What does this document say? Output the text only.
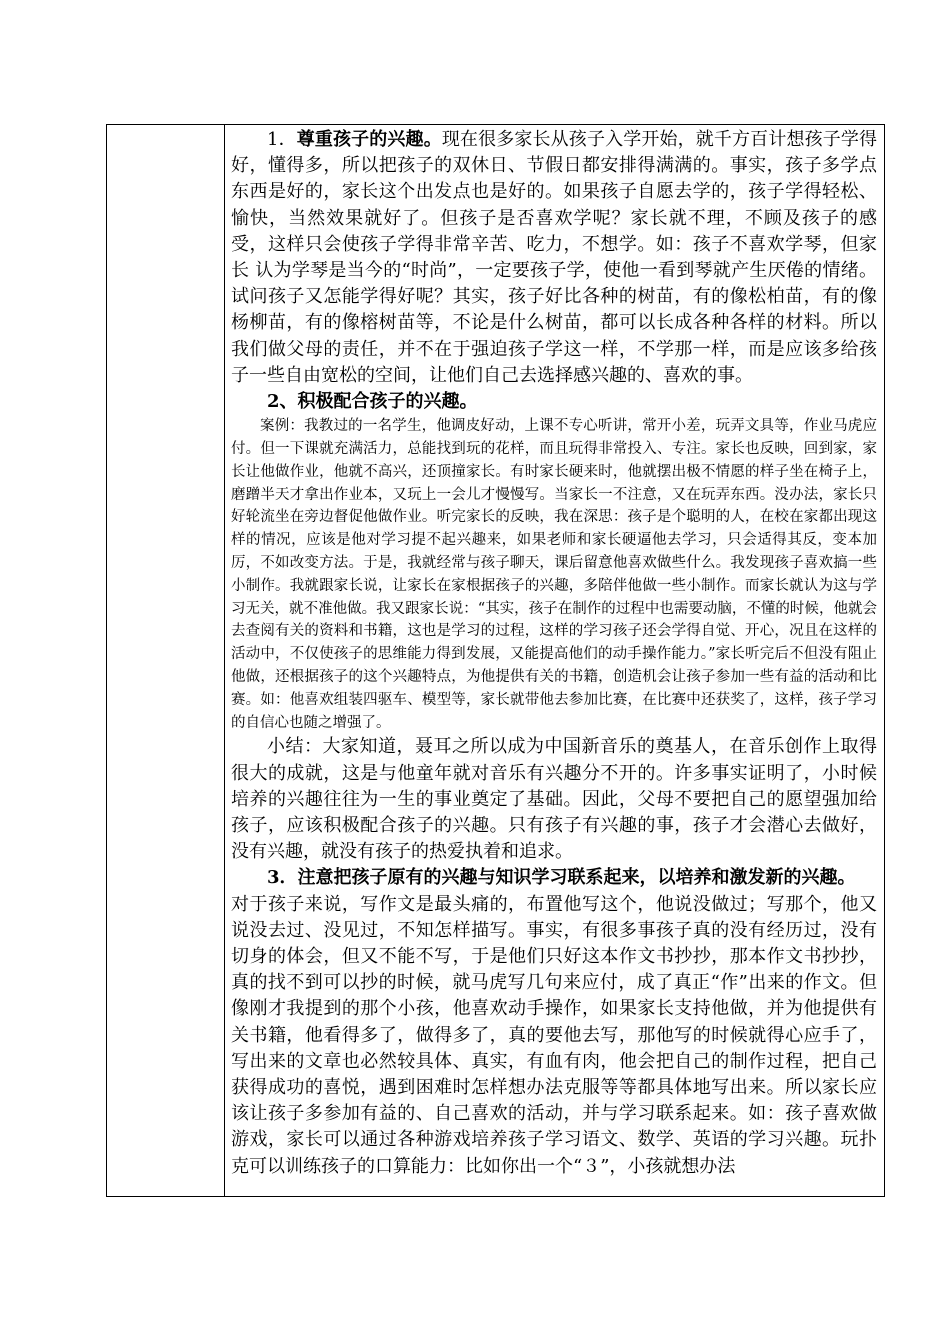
1．尊重孩子的兴趣。现在很多家长从孩子入学开始，就千方百计想孩子学得好，懂得多，所以把孩子的双休日、节假日都安排得满满的。事实，孩子多学点东西是好的，家长这个出发点也是好的。如果孩子自愿去学的，孩子学得轻松、愉快，当然效果就好了。但孩子是否喜欢学呢？家长就不理，不顾及孩子的感受，这样只会使孩子学得非常辛苦、吃力，不想学。如：孩子不喜欢学琴，但家长 认为学琴是当今的“时尚”，一定要孩子学，使他一看到琴就产生厌倦的情绪。试问孩子又怎能学得好呢？其实，孩子好比各种的树苗，有的像松柏苗，有的像杨柳苗，有的像榕树苗等，不论是什么树苗，都可以长成各种各样的材料。所以我们做父母的责任，并不在于强迫孩子学这一样，不学那一样，而是应该多给孩子一些自由宽松的空间，让他们自己去选择感兴趣的、喜欢的事。

2、积极配合孩子的兴趣。

案例：我教过的一名学生，他调皮好动，上课不专心听讲，常开小差，玩弄文具等，作业马虎应付。但一下课就充满活力，总能找到玩的花样，而且玩得非常投入、专注。家长也反映，回到家，家长让他做作业，他就不高兴，还顶撞家长。有时家长硬来时，他就摆出极不情愿的样子坐在椅子上，磨蹭半天才拿出作业本，又玩上一会儿才慢慢写。当家长一不注意，又在玩弄东西。没办法，家长只好轮流坐在旁边督促他做作业。听完家长的反映，我在深思：孩子是个聪明的人，在校在家都出现这样的情况，应该是他对学习提不起兴趣来，如果老师和家长硬逼他去学习，只会适得其反，变本加厉，不如改变方法。于是，我就经常与孩子聊天，课后留意他喜欢做些什么。我发现孩子喜欢搞一些小制作。我就跟家长说，让家长在家根据孩子的兴趣，多陪伴他做一些小制作。而家长就认为这与学习无关，就不准他做。我又跟家长说：“其实，孩子在制作的过程中也需要动脑，不懂的时候，他就会去查阅有关的资料和书籍，这也是学习的过程，这样的学习孩子还会学得自觉、开心，况且在这样的活动中，不仅使孩子的思维能力得到发展，又能提高他们的动手操作能力。”家长听完后不但没有阻止他做，还根据孩子的这个兴趣特点，为他提供有关的书籍，创造机会让孩子参加一些有益的活动和比赛。如：他喜欢组装四驱车、模型等，家长就带他去参加比赛，在比赛中还获奖了，这样，孩子学习的自信心也随之增强了。

小结：大家知道，聂耳之所以成为中国新音乐的奠基人，在音乐创作上取得很大的成就，这是与他童年就对音乐有兴趣分不开的。许多事实证明了，小时候培养的兴趣往往为一生的事业奠定了基础。因此，父母不要把自己的愿望强加给孩子，应该积极配合孩子的兴趣。只有孩子有兴趣的事，孩子才会潜心去做好，没有兴趣，就没有孩子的热爱执着和追求。

3．注意把孩子原有的兴趣与知识学习联系起来，以培养和激发新的兴趣。

对于孩子来说，写作文是最头痛的，布置他写这个，他说没做过；写那个，他又说没去过、没见过，不知怎样描写。事实，有很多事孩子真的没有经历过，没有切身的体会，但又不能不写，于是他们只好这本作文书抄抄，那本作文书抄抄，真的找不到可以抄的时候，就马虎写几句来应付，成了真正“作”出来的作文。但像刚才我提到的那个小孩，他喜欢动手操作，如果家长支持他做，并为他提供有关书籍，他看得多了，做得多了，真的要他去写，那他写的时候就得心应手了，写出来的文章也必然较具体、真实，有血有肉，他会把自己的制作过程，把自己获得成功的喜悦，遇到困难时怎样想办法克服等等都具体地写出来。所以家长应该让孩子多参加有益的、自己喜欢的活动，并与学习联系起来。如：孩子喜欢做游戏，家长可以通过各种游戏培养孩子学习语文、数学、英语的学习兴趣。玩扑克可以训练孩子的口算能力：比如你出一个“３”，小孩就想办法
